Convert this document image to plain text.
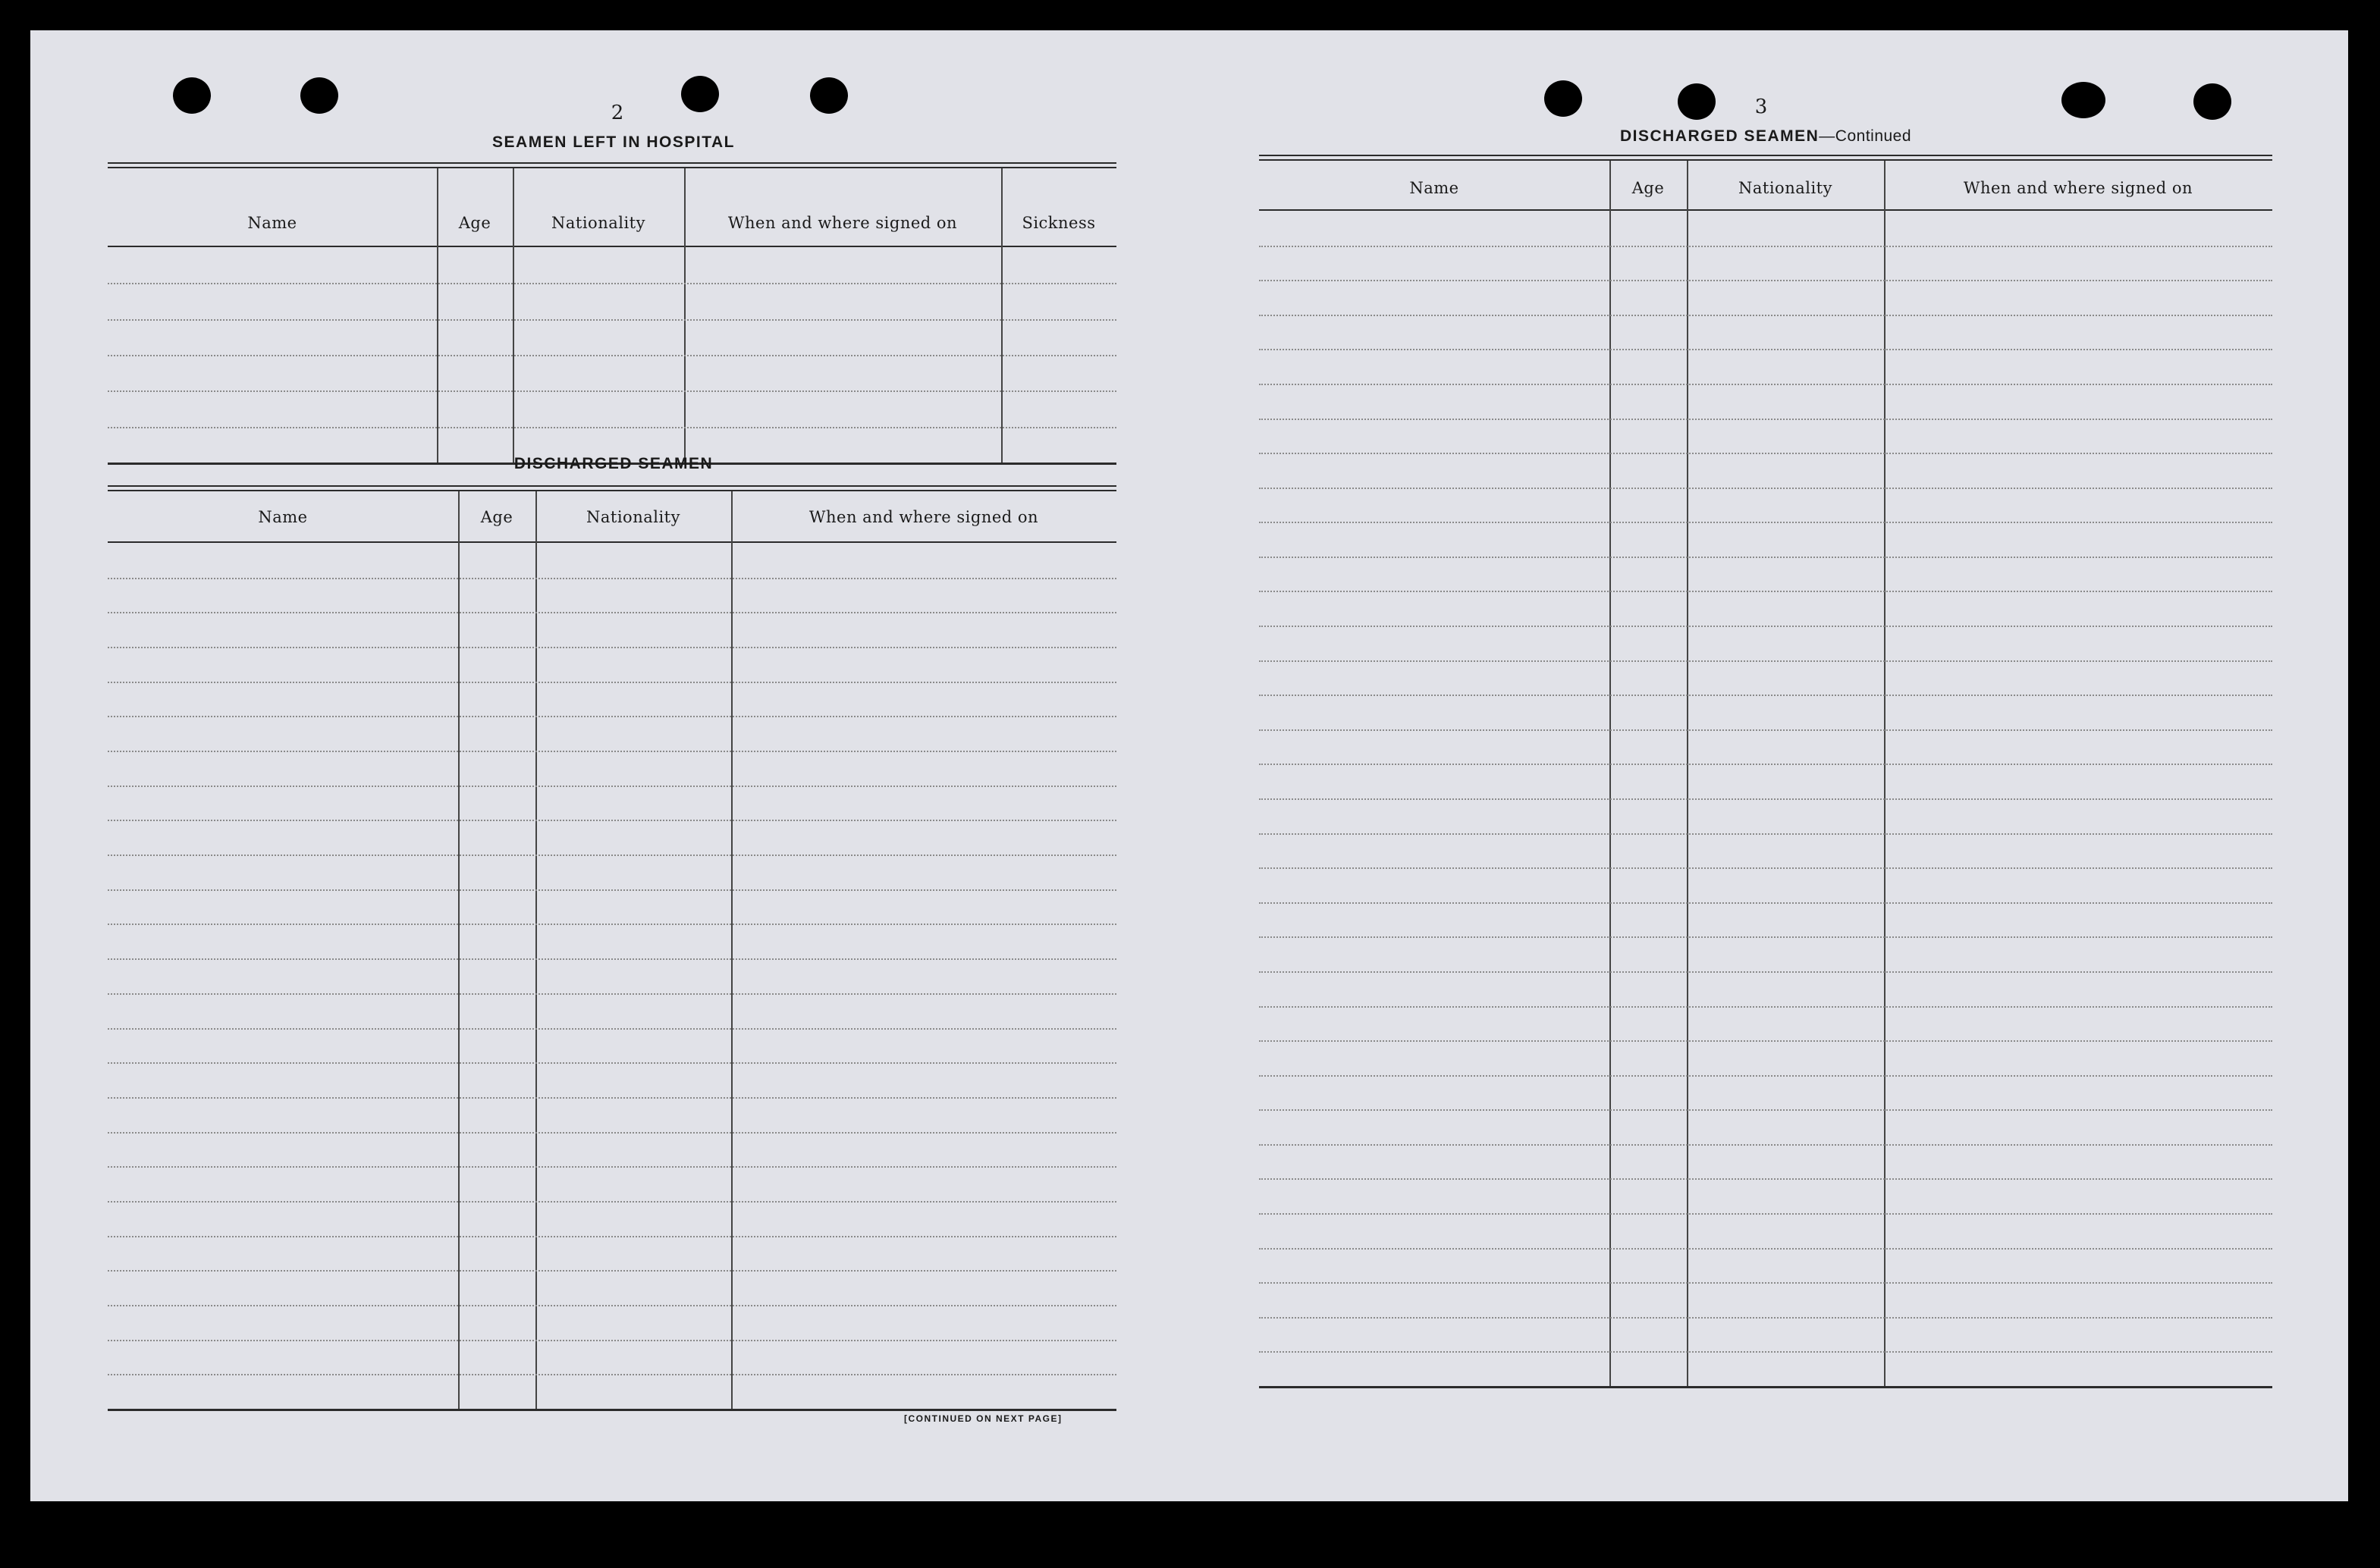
2
SEAMEN LEFT IN HOSPITAL
Name	Age	Nationality	When and where signed on	Sickness
DISCHARGED SEAMEN
Name	Age	Nationality	When and where signed on
[CONTINUED ON NEXT PAGE]
3
DISCHARGED SEAMEN—Continued
Name	Age	Nationality	When and where signed on
